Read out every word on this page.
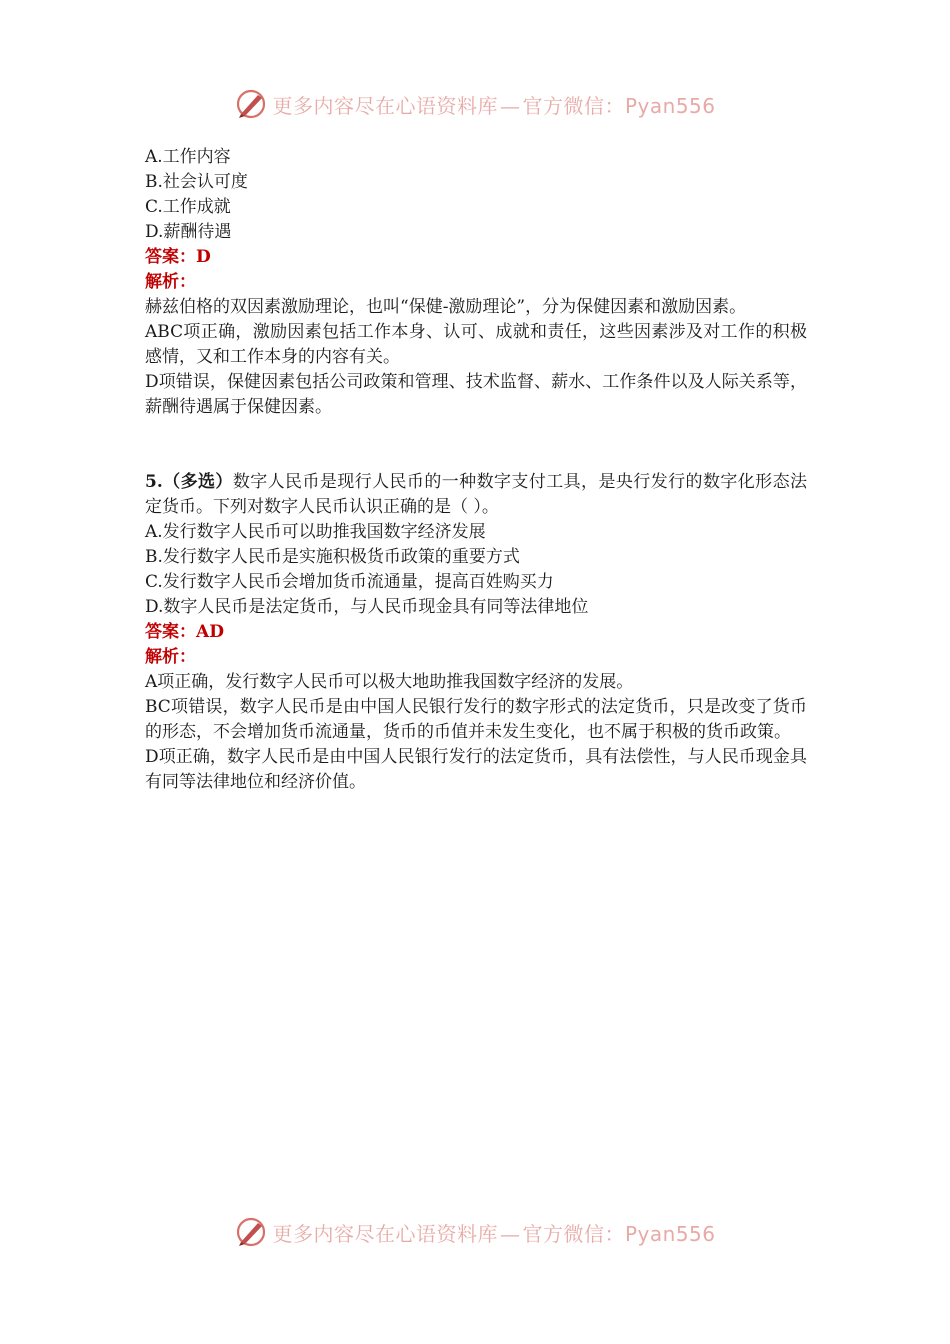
更多内容尽在心语资料库 — 官方微信：Pyan556
A.工作内容
B.社会认可度
C.工作成就
D.薪酬待遇
答案：D
解析：
赫兹伯格的双因素激励理论，也叫“保健-激励理论”，分为保健因素和激励因素。
ABC项正确，激励因素包括工作本身、认可、成就和责任，这些因素涉及对工作的积极感情，又和工作本身的内容有关。
D项错误，保健因素包括公司政策和管理、技术监督、薪水、工作条件以及人际关系等，薪酬待遇属于保健因素。
5.（多选）数字人民币是现行人民币的一种数字支付工具，是央行发行的数字化形态法定货币。下列对数字人民币认识正确的是（ ）。
A.发行数字人民币可以助推我国数字经济发展
B.发行数字人民币是实施积极货币政策的重要方式
C.发行数字人民币会增加货币流通量，提高百姓购买力
D.数字人民币是法定货币，与人民币现金具有同等法律地位
答案：AD
解析：
A项正确，发行数字人民币可以极大地助推我国数字经济的发展。
BC项错误，数字人民币是由中国人民银行发行的数字形式的法定货币，只是改变了货币的形态，不会增加货币流通量，货币的币值并未发生变化，也不属于积极的货币政策。
D项正确，数字人民币是由中国人民银行发行的法定货币，具有法偿性，与人民币现金具有同等法律地位和经济价值。
更多内容尽在心语资料库 — 官方微信：Pyan556
